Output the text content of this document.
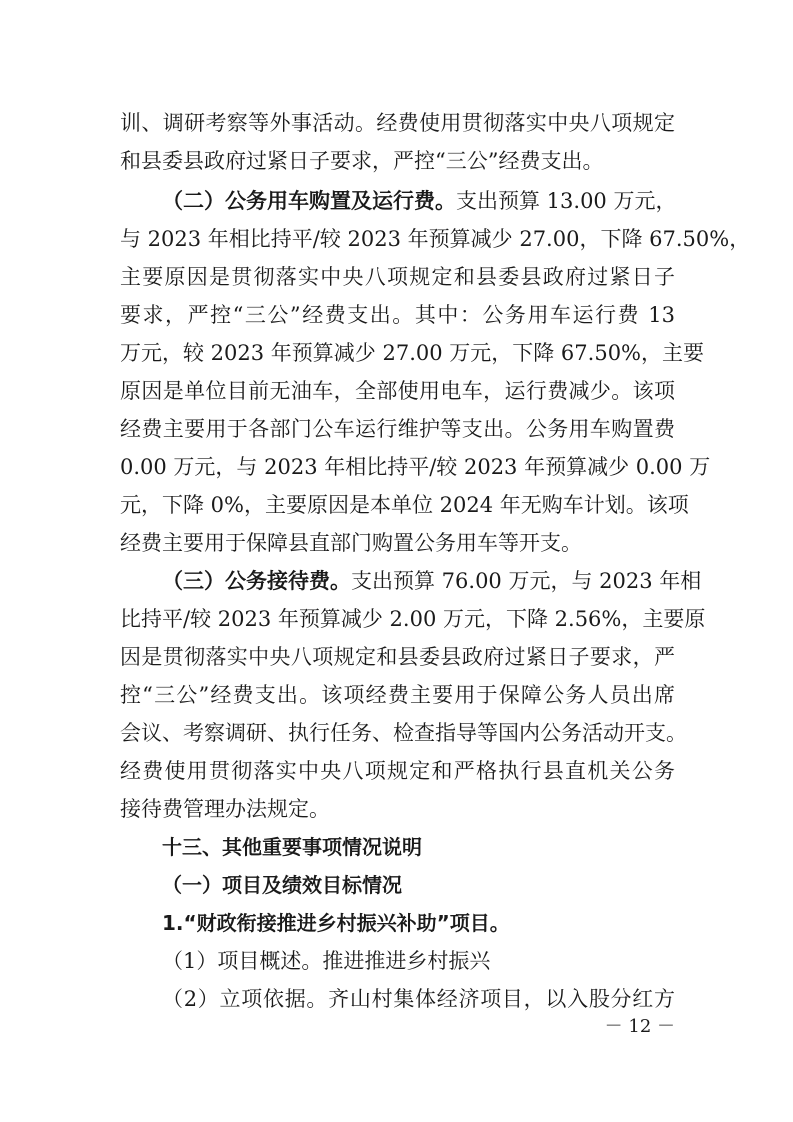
训、调研考察等外事活动。经费使用贯彻落实中央八项规定
和县委县政府过紧日子要求，严控“三公”经费支出。
（二）公务用车购置及运行费。支出预算 13.00 万元，
与 2023 年相比持平/较 2023 年预算减少 27.00，下降 67.50%，
主要原因是贯彻落实中央八项规定和县委县政府过紧日子
要求，严控“三公”经费支出。其中：公务用车运行费 13
万元，较 2023 年预算减少 27.00 万元，下降 67.50%，主要
原因是单位目前无油车，全部使用电车，运行费减少。该项
经费主要用于各部门公车运行维护等支出。公务用车购置费
0.00 万元，与 2023 年相比持平/较 2023 年预算减少 0.00 万
元，下降 0%，主要原因是本单位 2024 年无购车计划。该项
经费主要用于保障县直部门购置公务用车等开支。
（三）公务接待费。支出预算 76.00 万元，与 2023 年相
比持平/较 2023 年预算减少 2.00 万元，下降 2.56%，主要原
因是贯彻落实中央八项规定和县委县政府过紧日子要求，严
控“三公”经费支出。该项经费主要用于保障公务人员出席
会议、考察调研、执行任务、检查指导等国内公务活动开支。
经费使用贯彻落实中央八项规定和严格执行县直机关公务
接待费管理办法规定。
十三、其他重要事项情况说明
（一）项目及绩效目标情况
1.“财政衔接推进乡村振兴补助”项目。
（1）项目概述。推进推进乡村振兴
（2）立项依据。齐山村集体经济项目，以入股分红方
－ 12 －
